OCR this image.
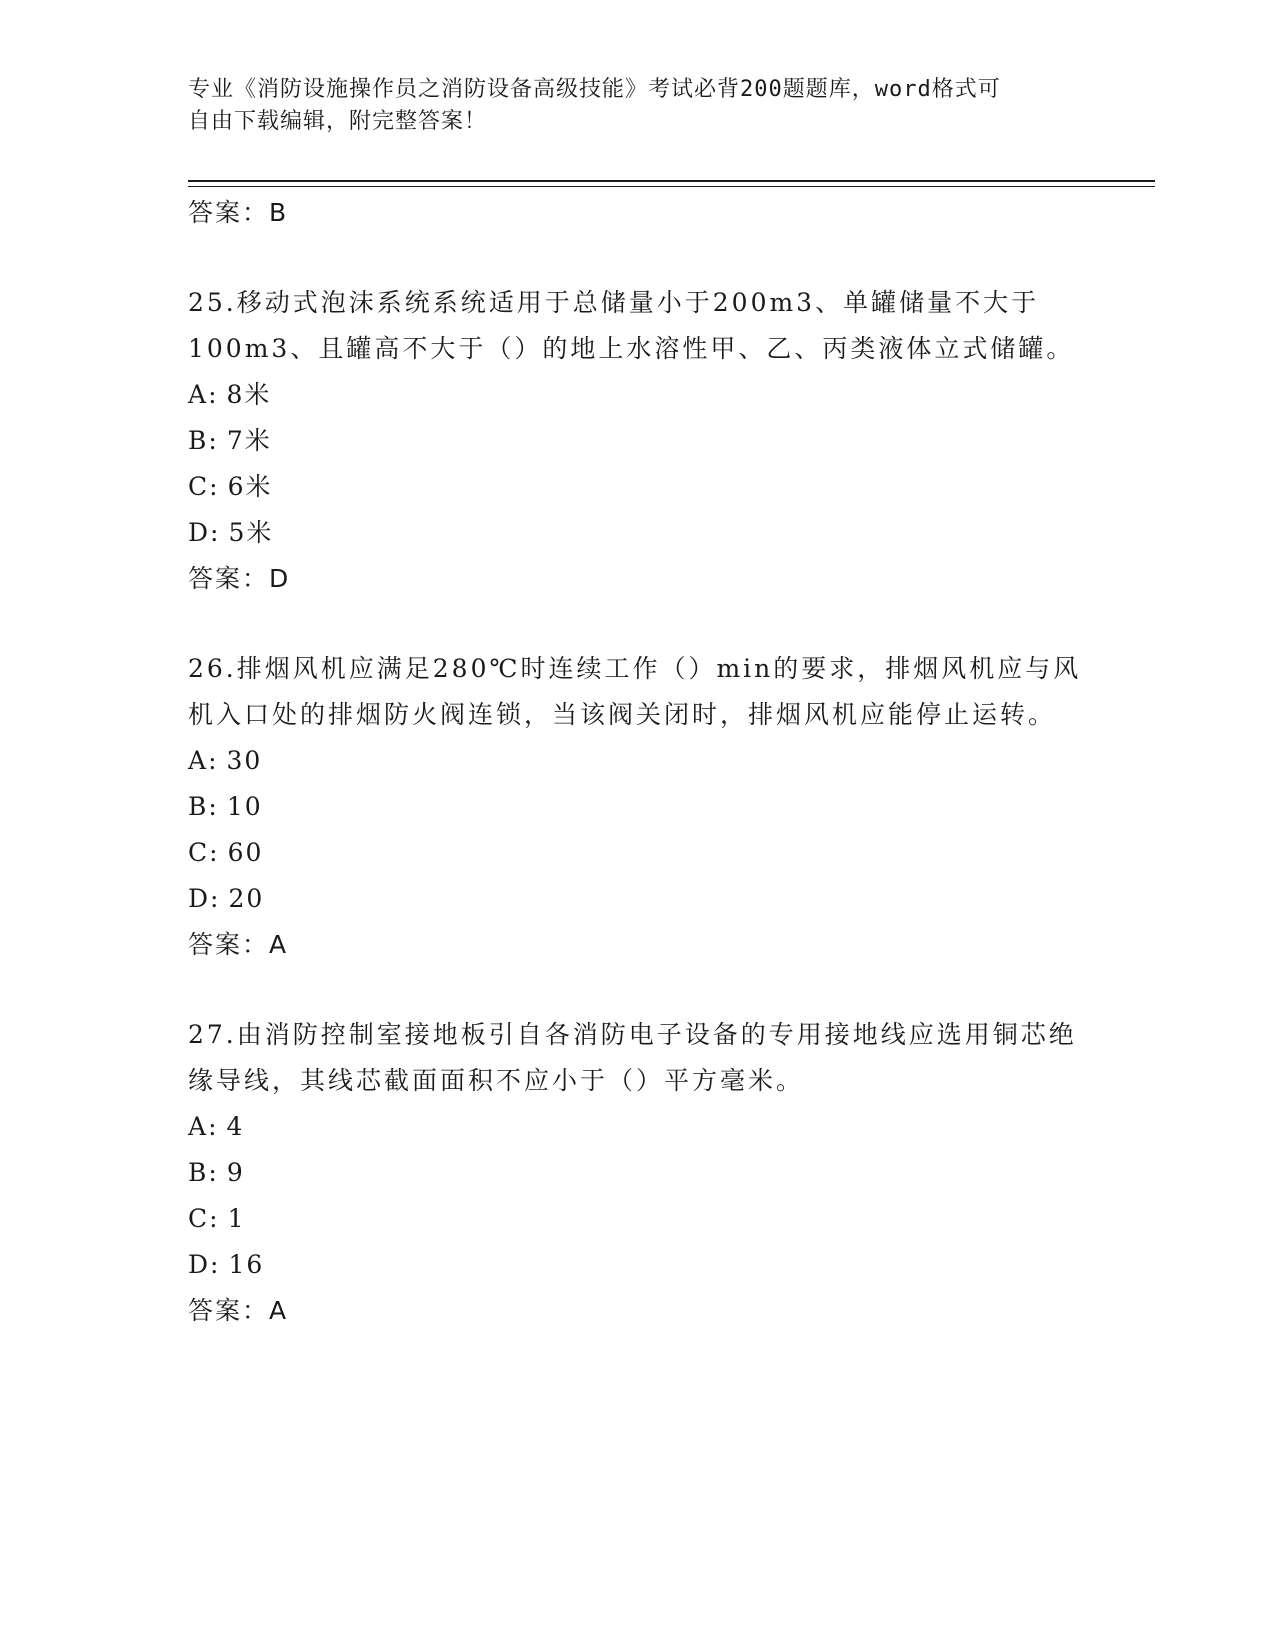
专业《消防设施操作员之消防设备高级技能》考试必背200题题库，word格式可
自由下载编辑，附完整答案！
答案：B
25.移动式泡沫系统系统适用于总储量小于200m3、单罐储量不大于100m3、且罐高不大于（）的地上水溶性甲、乙、丙类液体立式储罐。
A: 8米
B: 7米
C: 6米
D: 5米
答案：D
26.排烟风机应满足280℃时连续工作（）min的要求，排烟风机应与风机入口处的排烟防火阀连锁，当该阀关闭时，排烟风机应能停止运转。
A: 30
B: 10
C: 60
D: 20
答案：A
27.由消防控制室接地板引自各消防电子设备的专用接地线应选用铜芯绝缘导线，其线芯截面面积不应小于（）平方毫米。
A: 4
B: 9
C: 1
D: 16
答案：A
